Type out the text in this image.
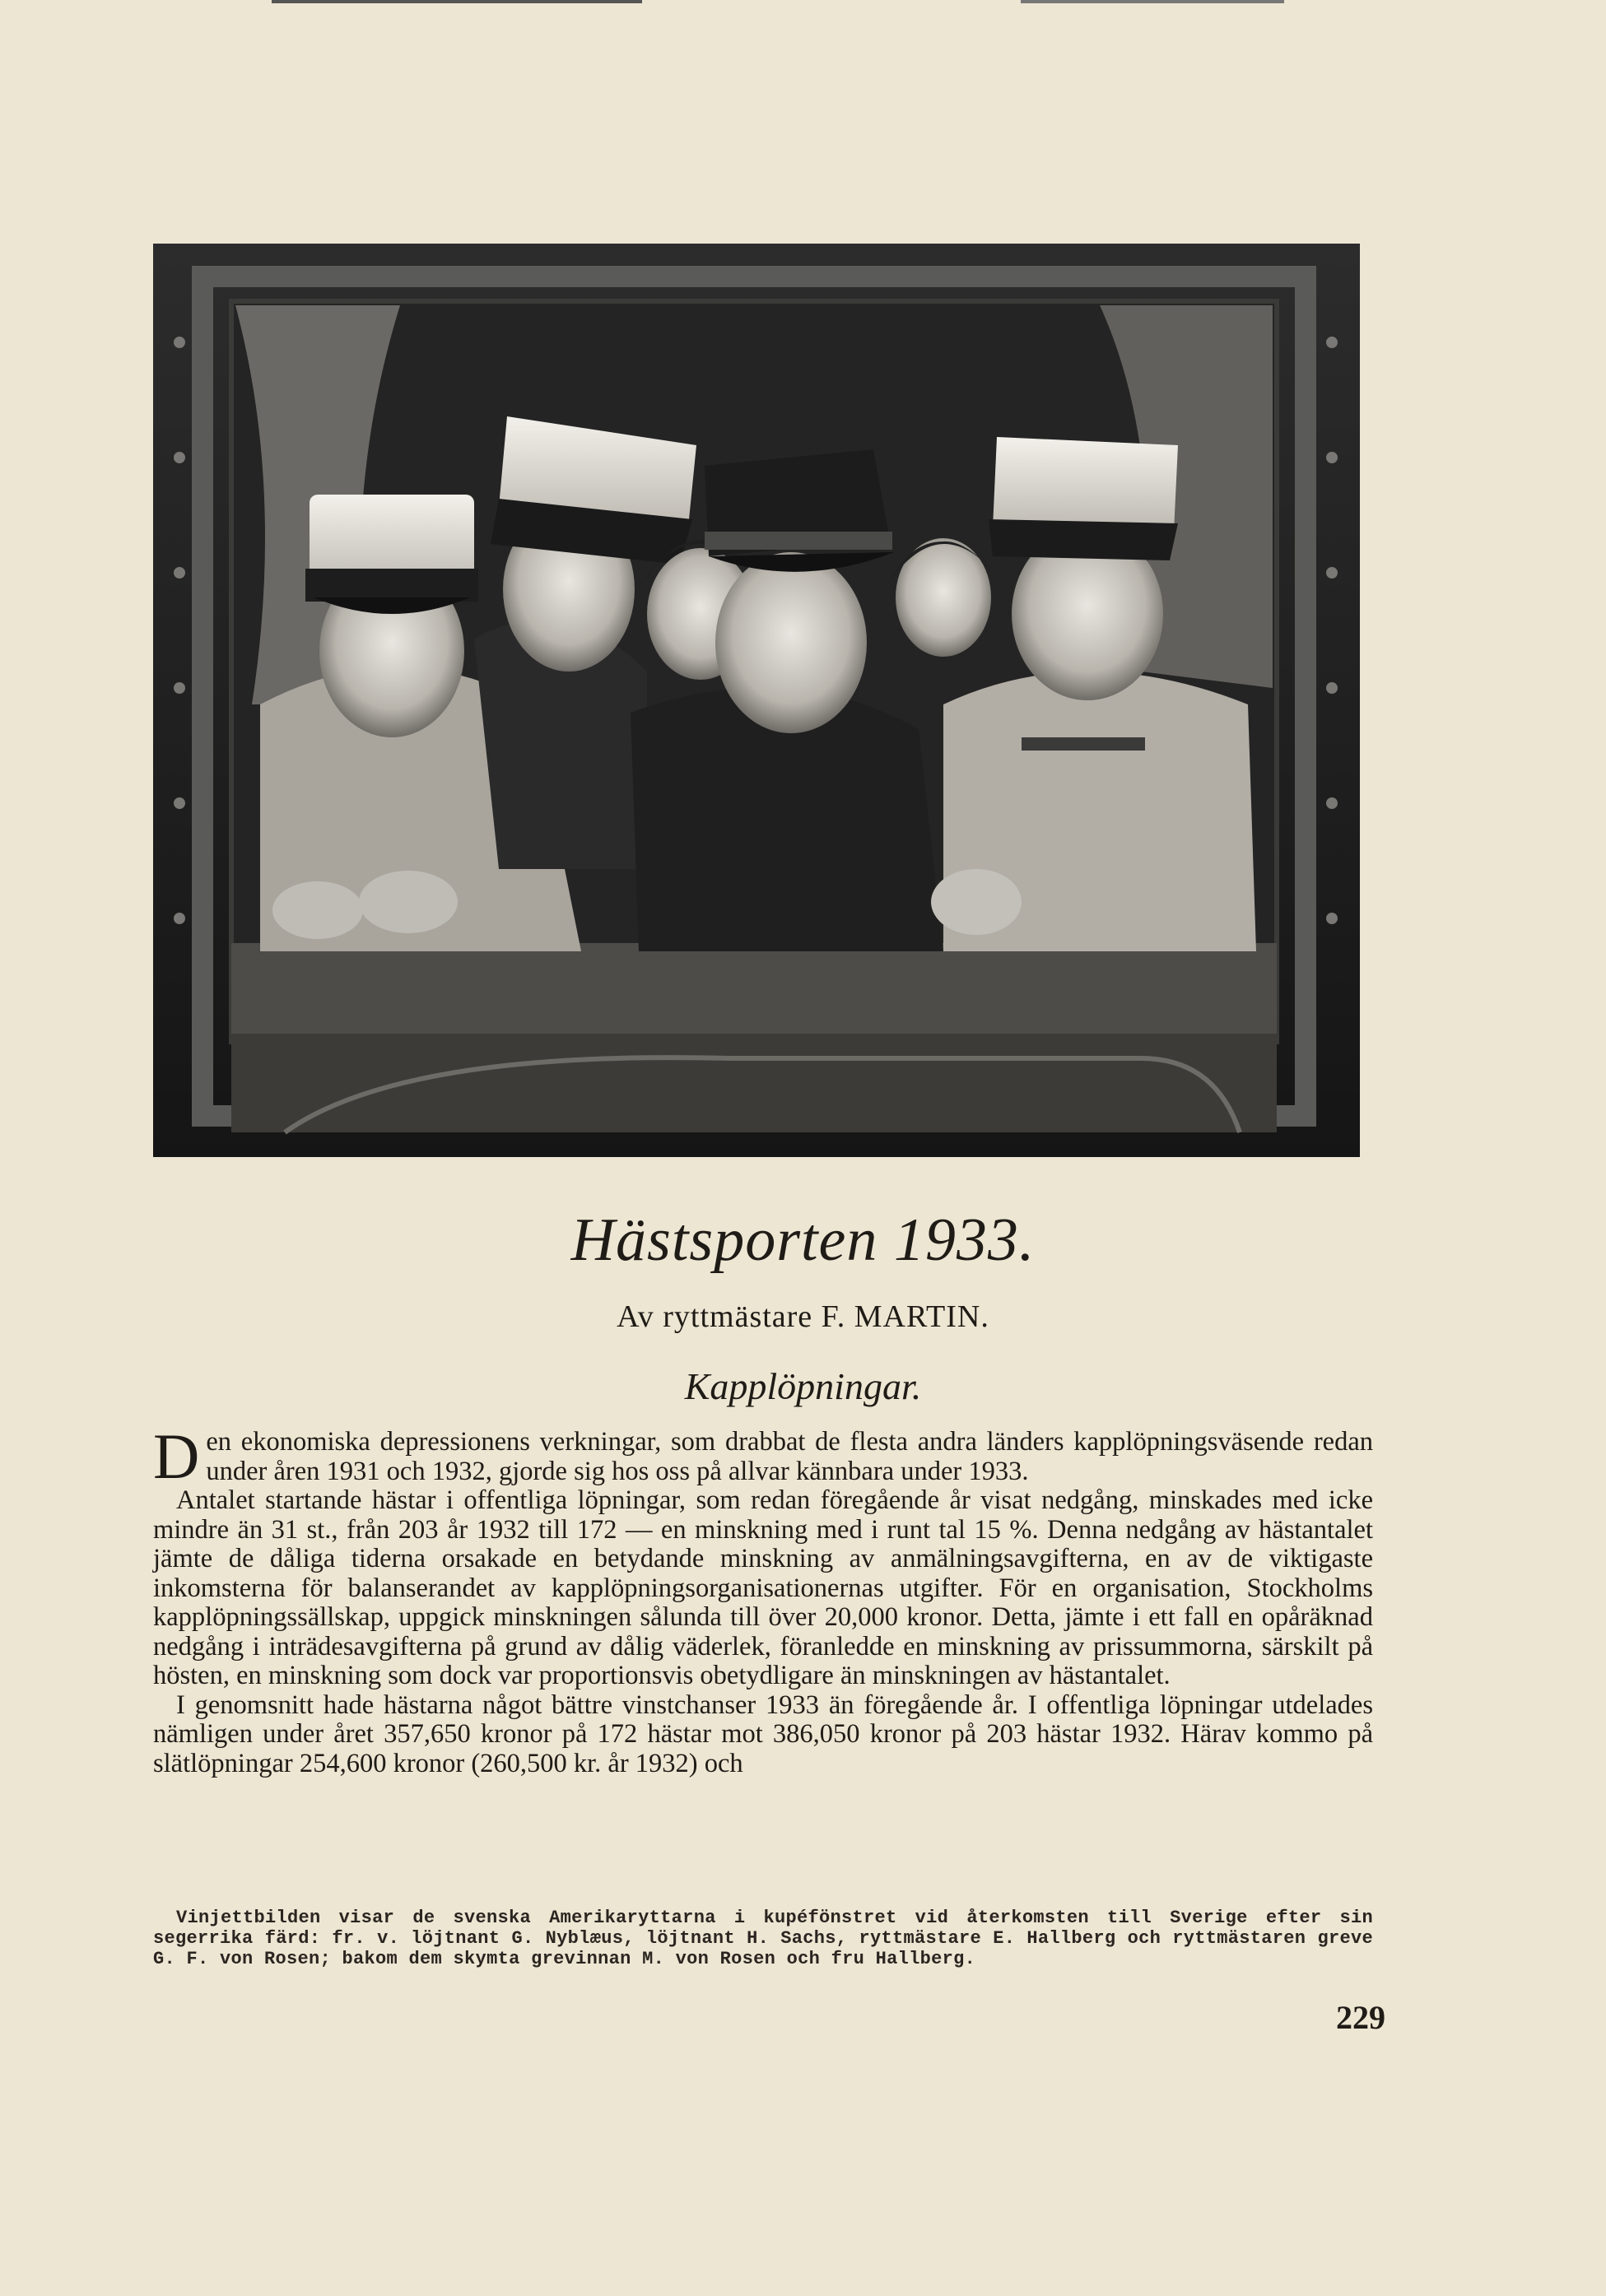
Hästsporten 1933.
Av ryttmästare F. MARTIN.
Kapplöpningar.

Den ekonomiska depressionens verkningar, som drabbat de flesta andra länders kapplöpningsväsende redan under åren 1931 och 1932, gjorde sig hos oss på allvar kännbara under 1933.

Antalet startande hästar i offentliga löpningar, som redan föregående år visat nedgång, minskades med icke mindre än 31 st., från 203 år 1932 till 172 — en minskning med i runt tal 15 %. Denna nedgång av hästantalet jämte de dåliga tiderna orsakade en betydande minskning av anmälningsavgifterna, en av de viktigaste inkomsterna för balanserandet av kapplöpningsorganisationernas utgifter. För en organisation, Stockholms kapplöpningssällskap, uppgick minskningen sålunda till över 20,000 kronor. Detta, jämte i ett fall en opåräknad nedgång i inträdesavgifterna på grund av dålig väderlek, föranledde en minskning av prissummorna, särskilt på hösten, en minskning som dock var proportionsvis obetydligare än minskningen av hästantalet.

I genomsnitt hade hästarna något bättre vinstchanser 1933 än föregående år. I offentliga löpningar utdelades nämligen under året 357,650 kronor på 172 hästar mot 386,050 kronor på 203 hästar 1932. Härav kommo på slätlöpningar 254,600 kronor (260,500 kr. år 1932) och

Vinjettbilden visar de svenska Amerikaryttarna i kupéfönstret vid återkomsten till Sverige efter sin segerrika färd: fr. v. löjtnant G. Nyblæus, löjtnant H. Sachs, ryttmästare E. Hallberg och ryttmästaren greve G. F. von Rosen; bakom dem skymta grevinnan M. von Rosen och fru Hallberg.

229
